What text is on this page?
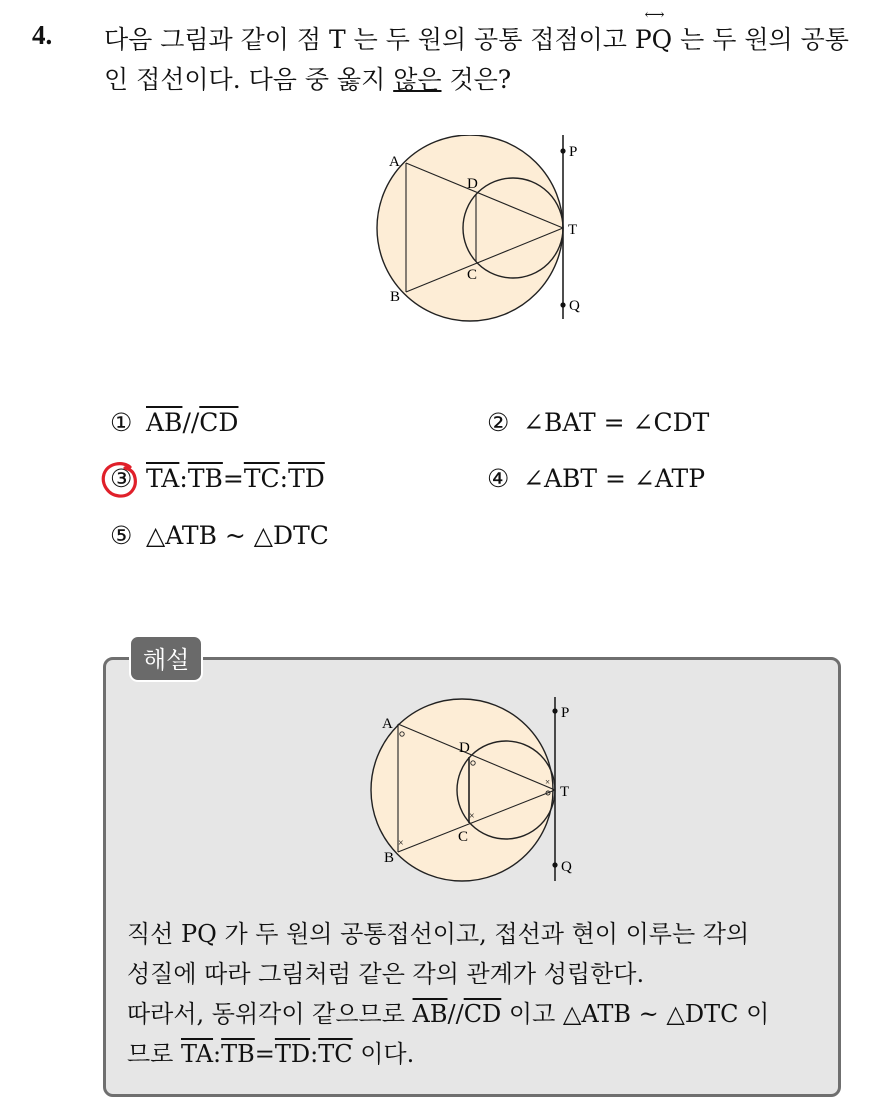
4. 다음 그림과 같이 점 T 는 두 원의 공통 접점이고
⟷
PQ 는 두 원의 공통인 접선이다. 다음 중 옳지 않은 것은?
A
B
D
C
T
P
Q
① $\overline{AB}//\overline{CD}$	② ∠BAT = ∠CDT
③ $\overline{TA}:\overline{TB}=\overline{TC}:\overline{TD}$	④ ∠ABT = ∠ATP
⑤ △ATB ~ △DTC
해설
×
×
×
A
B
D
C
T
P
Q
직선 PQ 가 두 원의 공통접선이고, 접선과 현이 이루는 각의
성질에 따라 그림처럼 같은 각의 관계가 성립한다.
따라서, 동위각이 같으므로 $\overline{AB}//\overline{CD}$ 이고 △ATB ~ △DTC 이
므로 $\overline{TA}:\overline{TB}=\overline{TD}:\overline{TC}$ 이다.
